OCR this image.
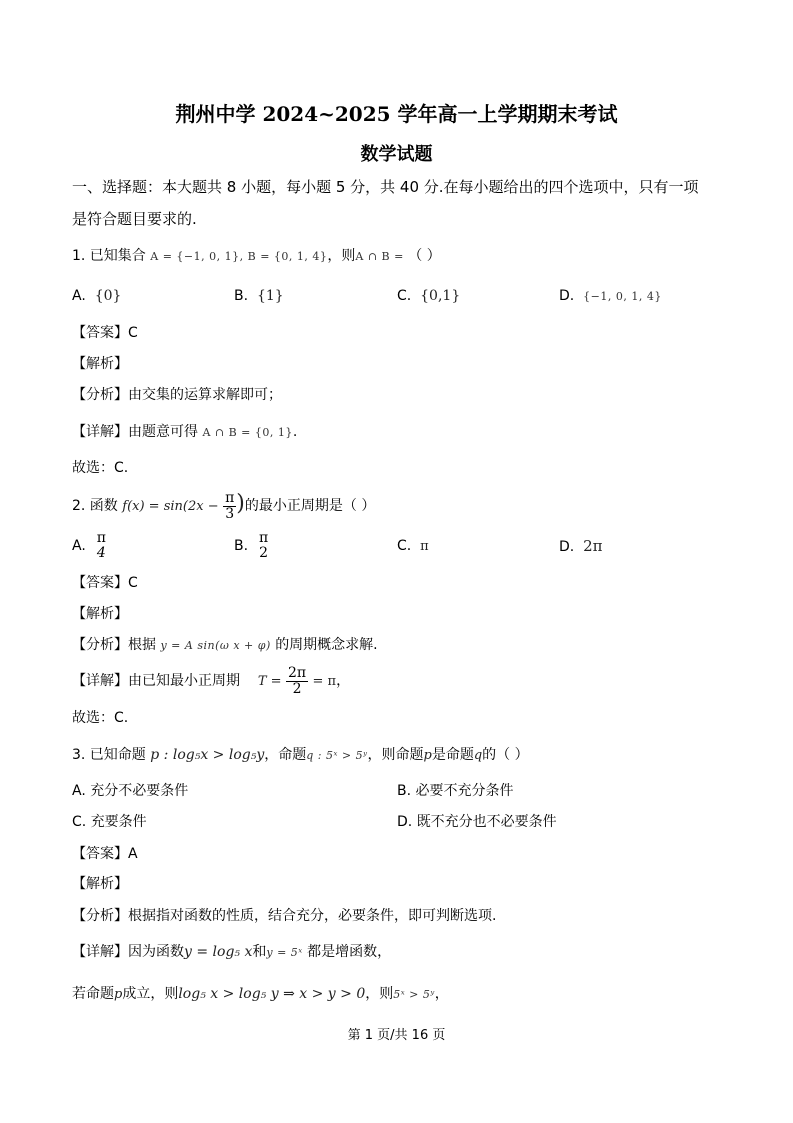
荆州中学 2024~2025 学年高一上学期期末考试
数学试题
一、选择题：本大题共 8 小题，每小题 5 分，共 40 分.在每小题给出的四个选项中，只有一项
是符合题目要求的.
1. 已知集合 A = {−1, 0, 1}, B = {0, 1, 4}，则A ∩ B = （ ）
A. {0}	B. {1}	C. {0,1}	D. {−1, 0, 1, 4}
【答案】C
【解析】
【分析】由交集的运算求解即可；
【详解】由题意可得 A ∩ B = {0, 1}.
故选：C.
2. 函数 $f(x) = \sin(2x - \frac{\pi}{3}$ )的最小正周期是（ ）
A. π
4	B. π
2	C. π	D. 2π
【答案】C
【解析】
【分析】根据 y = A sin(ω x + φ) 的周期概念求解.
【详解】由已知最小正周期 $T = \frac{2\pi}{2} = \pi$，
故选：C.
3. 已知命题 p : log₅x > log₅y，命题q : 5ˣ > 5ʸ，则命题p是命题q的（ ）
A. 充分不必要条件	B. 必要不充分条件
C. 充要条件	D. 既不充分也不必要条件
【答案】A
【解析】
【分析】根据指对函数的性质，结合充分，必要条件，即可判断选项.
【详解】因为函数y = log₅ x和y = 5ˣ 都是增函数，
若命题p成立，则log₅ x > log₅ y ⇒ x > y > 0，则5ˣ > 5ʸ，
第 1 页/共 16 页
